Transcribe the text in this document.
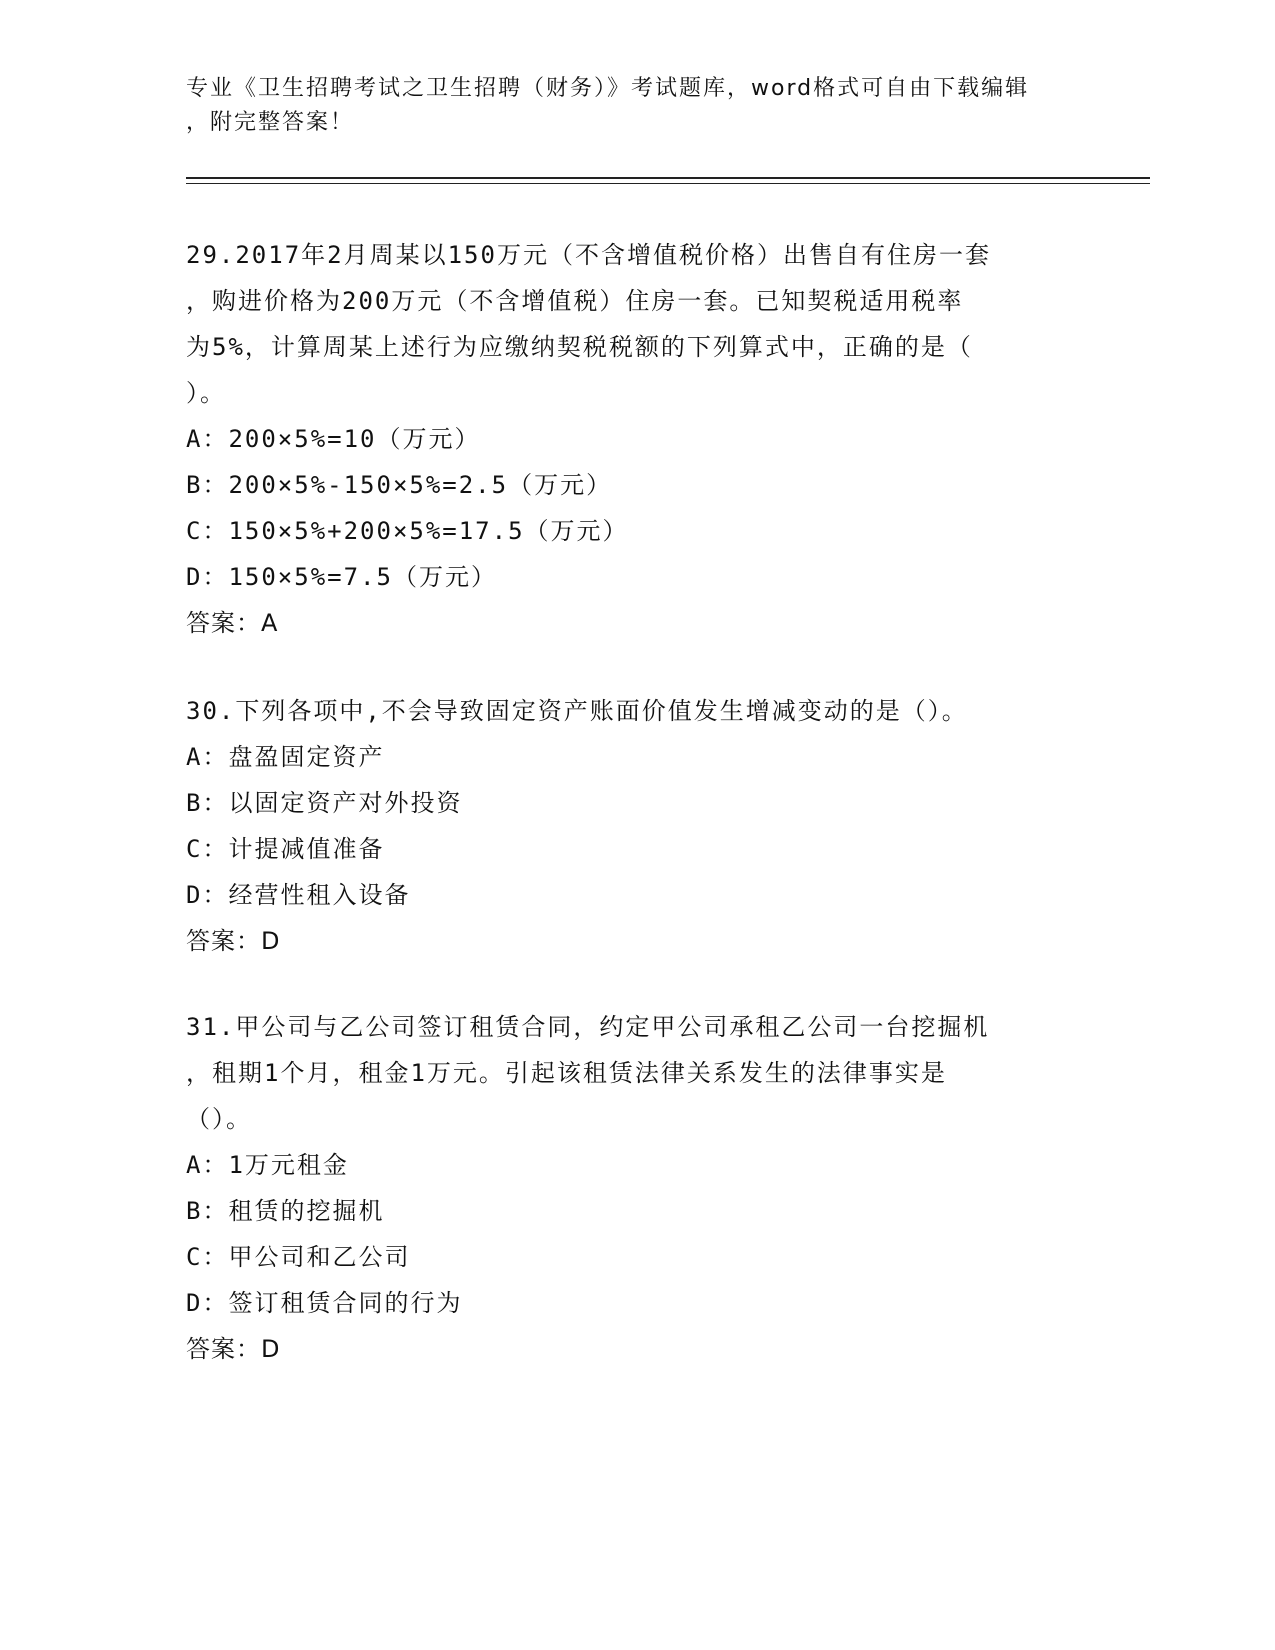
专业《卫生招聘考试之卫生招聘（财务）》考试题库，word格式可自由下载编辑
，附完整答案！
29.2017年2月周某以150万元（不含增值税价格）出售自有住房一套
，购进价格为200万元（不含增值税）住房一套。已知契税适用税率
为5%，计算周某上述行为应缴纳契税税额的下列算式中，正确的是（
）。
A：200×5%=10（万元）
B：200×5%-150×5%=2.5（万元）
C：150×5%+200×5%=17.5（万元）
D：150×5%=7.5（万元）
答案：A
30.下列各项中,不会导致固定资产账面价值发生增减变动的是（）。
A：盘盈固定资产
B：以固定资产对外投资
C：计提减值准备
D：经营性租入设备
答案：D
31.甲公司与乙公司签订租赁合同，约定甲公司承租乙公司一台挖掘机
，租期1个月，租金1万元。引起该租赁法律关系发生的法律事实是
（）。
A：1万元租金
B：租赁的挖掘机
C：甲公司和乙公司
D：签订租赁合同的行为
答案：D
